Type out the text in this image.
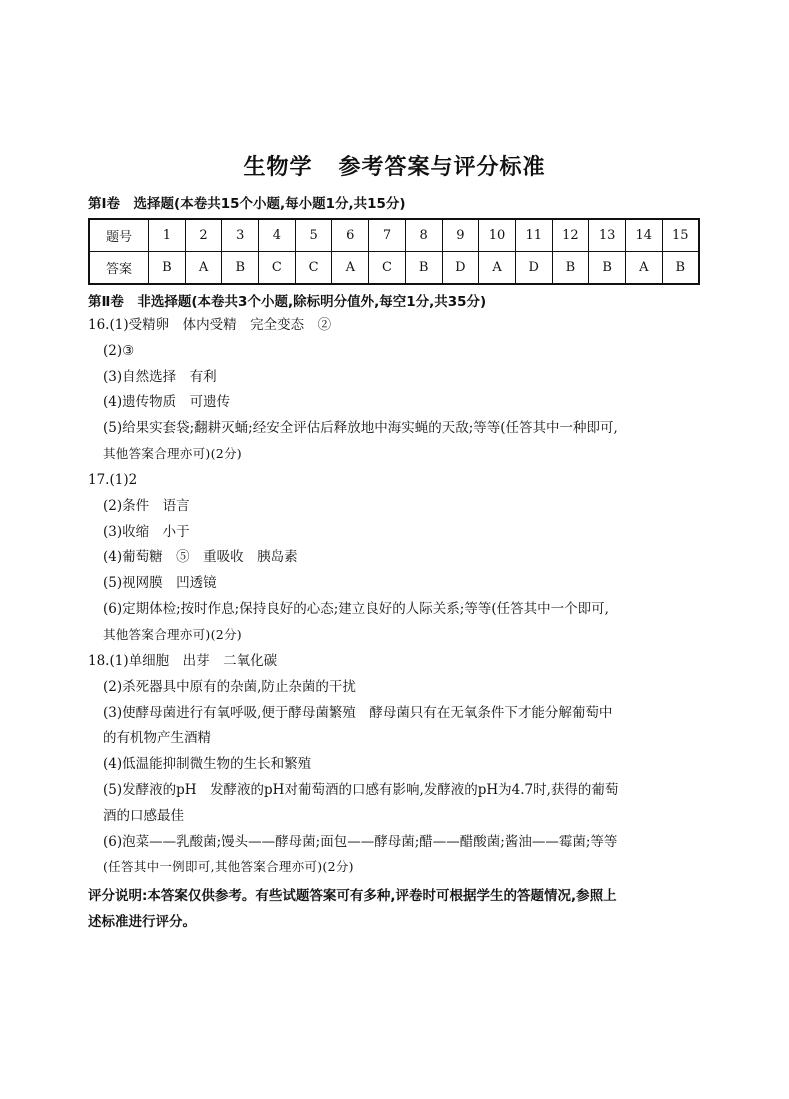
生物学 参考答案与评分标准
第Ⅰ卷　选择题(本卷共15个小题,每小题1分,共15分)
题号	1	2	3	4	5	6	7	8	9	10	11	12	13	14	15
答案	B	A	B	C	C	A	C	B	D	A	D	B	B	A	B
第Ⅱ卷　非选择题(本卷共3个小题,除标明分值外,每空1分,共35分)
16.(1)受精卵　体内受精　完全变态　②
(2)③
(3)自然选择　有利
(4)遗传物质　可遗传
(5)给果实套袋;翻耕灭蛹;经安全评估后释放地中海实蝇的天敌;等等(任答其中一种即可,
其他答案合理亦可)(2分)
17.(1)2
(2)条件　语言
(3)收缩　小于
(4)葡萄糖　⑤　重吸收　胰岛素
(5)视网膜　凹透镜
(6)定期体检;按时作息;保持良好的心态;建立良好的人际关系;等等(任答其中一个即可,
其他答案合理亦可)(2分)
18.(1)单细胞　出芽　二氧化碳
(2)杀死器具中原有的杂菌,防止杂菌的干扰
(3)使酵母菌进行有氧呼吸,便于酵母菌繁殖　酵母菌只有在无氧条件下才能分解葡萄中
的有机物产生酒精
(4)低温能抑制微生物的生长和繁殖
(5)发酵液的pH　发酵液的pH对葡萄酒的口感有影响,发酵液的pH为4.7时,获得的葡萄
酒的口感最佳
(6)泡菜——乳酸菌;馒头——酵母菌;面包——酵母菌;醋——醋酸菌;酱油——霉菌;等等
(任答其中一例即可,其他答案合理亦可)(2分)
评分说明:本答案仅供参考。有些试题答案可有多种,评卷时可根据学生的答题情况,参照上
述标准进行评分。
